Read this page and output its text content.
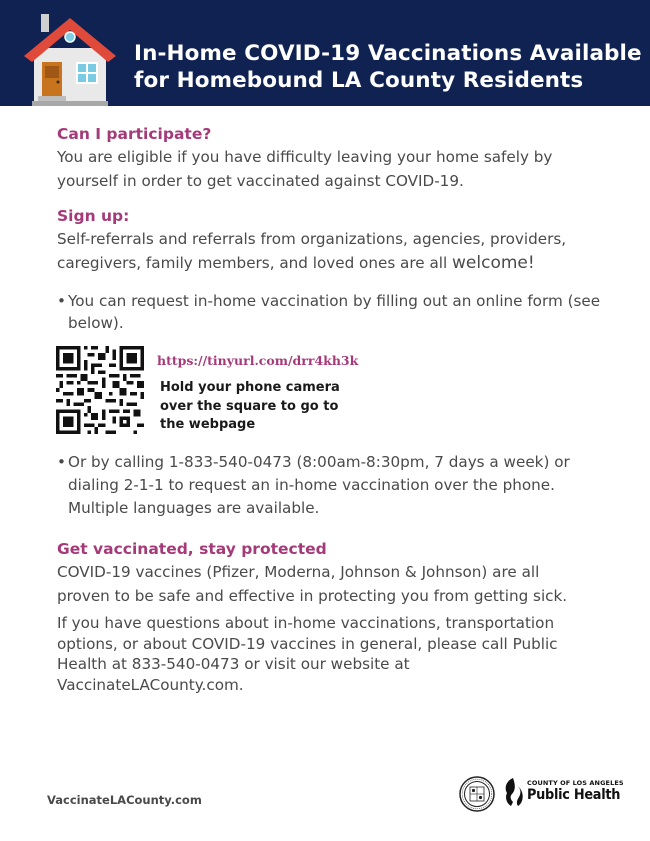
In-Home COVID-19 Vaccinations Available
for Homebound LA County Residents
Can I participate?
You are eligible if you have difficulty leaving your home safely by
yourself in order to get vaccinated against COVID-19.
Sign up:
Self-referrals and referrals from organizations, agencies, providers,
caregivers, family members, and loved ones are all welcome!
• You can request in-home vaccination by filling out an online form (see
below).
https://tinyurl.com/drr4kh3k
Hold your phone camera
over the square to go to
the webpage
• Or by calling 1-833-540-0473 (8:00am-8:30pm, 7 days a week) or
dialing 2-1-1 to request an in-home vaccination over the phone.
Multiple languages are available.
Get vaccinated, stay protected
COVID-19 vaccines (Pfizer, Moderna, Johnson & Johnson) are all
proven to be safe and effective in protecting you from getting sick.
If you have questions about in-home vaccinations, transportation
options, or about COVID-19 vaccines in general, please call Public
Health at 833-540-0473 or visit our website at
VaccinateLACounty.com.
VaccinateLACounty.com
COUNTY OF LOS ANGELES
Public Health
